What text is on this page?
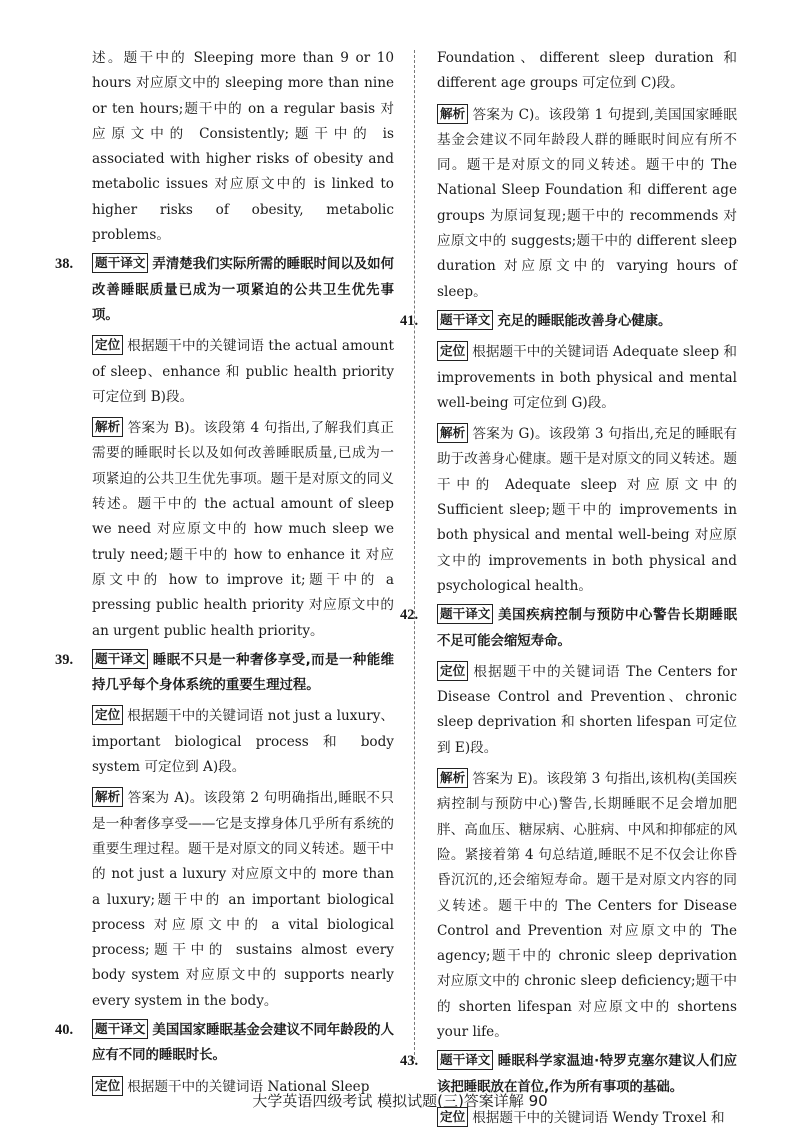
述。题干中的 Sleeping more than 9 or 10 hours 对应原文中的 sleeping more than nine or ten hours;题干中的 on a regular basis 对应原文中的 Consistently;题干中的 is associated with higher risks of obesity and metabolic issues 对应原文中的 is linked to higher risks of obesity, metabolic problems。

38. 题干译文 弄清楚我们实际所需的睡眠时间以及如何改善睡眠质量已成为一项紧迫的公共卫生优先事项。
定位 根据题干中的关键词语 the actual amount of sleep、enhance 和 public health priority 可定位到 B)段。
解析 答案为 B)。该段第 4 句指出,了解我们真正需要的睡眠时长以及如何改善睡眠质量,已成为一项紧迫的公共卫生优先事项。题干是对原文的同义转述。题干中的 the actual amount of sleep we need 对应原文中的 how much sleep we truly need;题干中的 how to enhance it 对应原文中的 how to improve it;题干中的 a pressing public health priority 对应原文中的 an urgent public health priority。
39. 题干译文 睡眠不只是一种奢侈享受,而是一种能维持几乎每个身体系统的重要生理过程。
定位 根据题干中的关键词语 not just a luxury、important biological process 和 body system 可定位到 A)段。
解析 答案为 A)。该段第 2 句明确指出,睡眠不只是一种奢侈享受——它是支撑身体几乎所有系统的重要生理过程。题干是对原文的同义转述。题干中的 not just a luxury 对应原文中的 more than a luxury;题干中的 an important biological process 对应原文中的 a vital biological process;题干中的 sustains almost every body system 对应原文中的 supports nearly every system in the body。
40. 题干译文 美国国家睡眠基金会建议不同年龄段的人应有不同的睡眠时长。
定位 根据题干中的关键词语 National Sleep

Foundation、different sleep duration 和 different age groups 可定位到 C)段。

解析 答案为 C)。该段第 1 句提到,美国国家睡眠基金会建议不同年龄段人群的睡眠时间应有所不同。题干是对原文的同义转述。题干中的 The National Sleep Foundation 和 different age groups 为原词复现;题干中的 recommends 对应原文中的 suggests;题干中的 different sleep duration 对应原文中的 varying hours of sleep。
41. 题干译文 充足的睡眠能改善身心健康。
定位 根据题干中的关键词语 Adequate sleep 和 improvements in both physical and mental well-being 可定位到 G)段。
解析 答案为 G)。该段第 3 句指出,充足的睡眠有助于改善身心健康。题干是对原文的同义转述。题干中的 Adequate sleep 对应原文中的 Sufficient sleep;题干中的 improvements in both physical and mental well-being 对应原文中的 improvements in both physical and psychological health。
42. 题干译文 美国疾病控制与预防中心警告长期睡眠不足可能会缩短寿命。
定位 根据题干中的关键词语 The Centers for Disease Control and Prevention、chronic sleep deprivation 和 shorten lifespan 可定位到 E)段。
解析 答案为 E)。该段第 3 句指出,该机构(美国疾病控制与预防中心)警告,长期睡眠不足会增加肥胖、高血压、糖尿病、心脏病、中风和抑郁症的风险。紧接着第 4 句总结道,睡眠不足不仅会让你昏昏沉沉的,还会缩短寿命。题干是对原文内容的同义转述。题干中的 The Centers for Disease Control and Prevention 对应原文中的 The agency;题干中的 chronic sleep deprivation 对应原文中的 chronic sleep deficiency;题干中的 shorten lifespan 对应原文中的 shortens your life。
43. 题干译文 睡眠科学家温迪·特罗克塞尔建议人们应该把睡眠放在首位,作为所有事项的基础。
定位 根据题干中的关键词语 Wendy Troxel 和
大学英语四级考试 模拟试题(三)答案详解 90
